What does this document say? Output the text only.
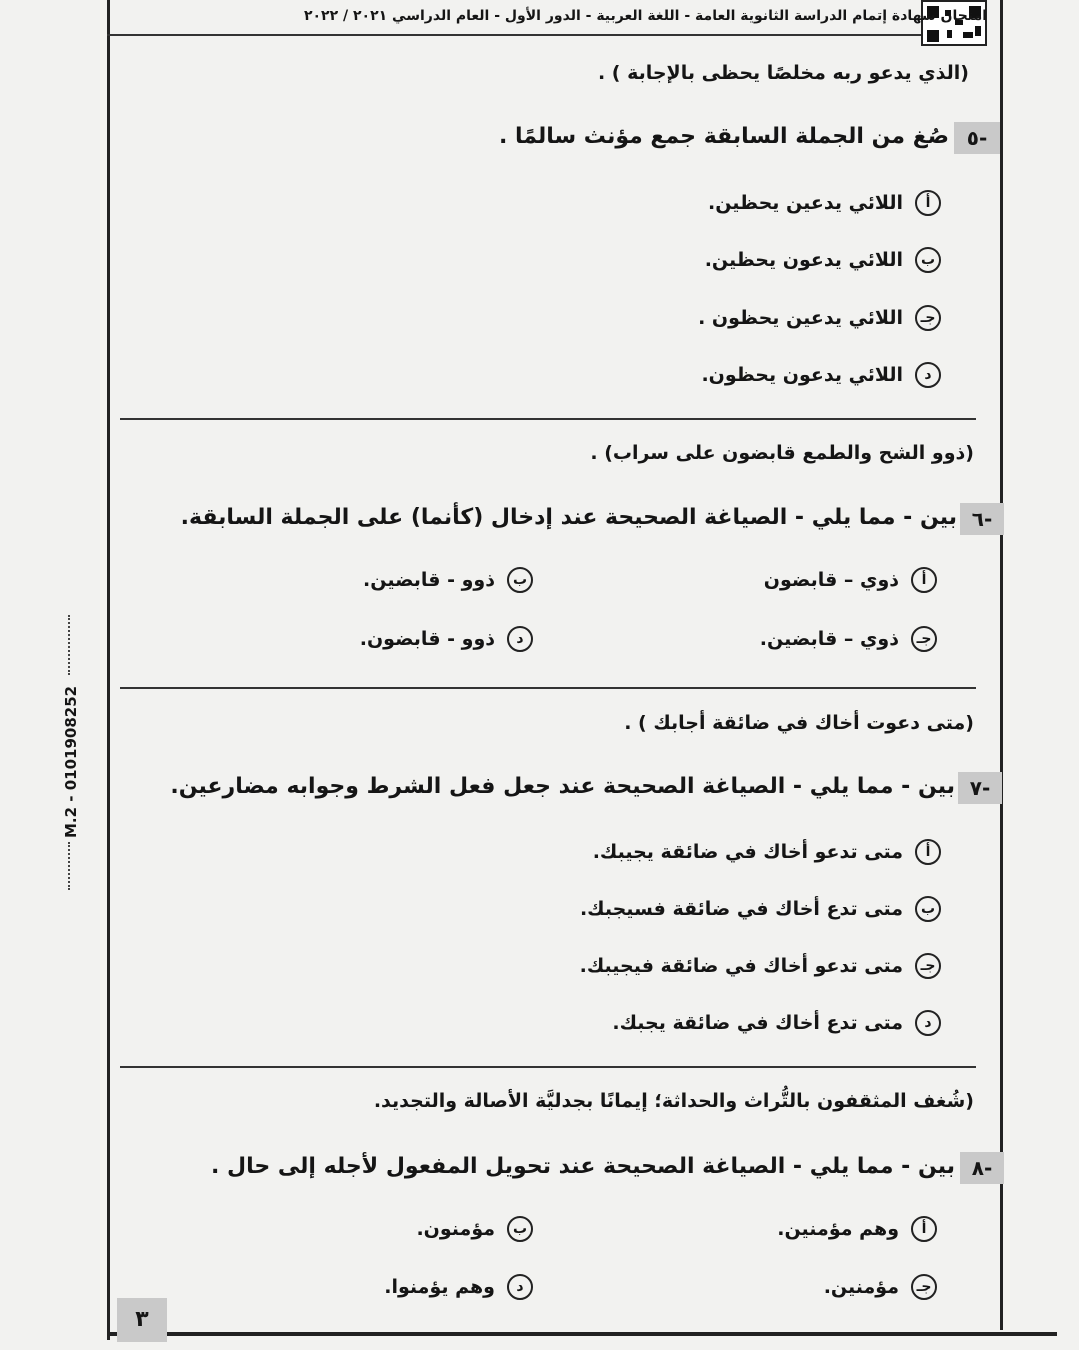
امتحان شهادة إتمام الدراسة الثانوية العامة - اللغة العربية - الدور الأول - العام الدراسي ٢٠٢١ / ٢٠٢٢
M.2 - 0101908252
(الذي يدعو ربه مخلصًا يحظى بالإجابة ) .
-٥
صُغ من الجملة السابقة جمع مؤنث سالمًا .
أ
اللائي يدعين يحظين.
ب
اللائي يدعون يحظين.
جـ
اللائي يدعين يحظون .
د
اللائي يدعون يحظون.
(ذوو الشح والطمع قابضون على سراب) .
-٦
بين - مما يلي - الصياغة الصحيحة عند إدخال (كأنما) على الجملة السابقة.
أ
ذوي – قابضون
ب
ذوو - قابضين.
جـ
ذوي – قابضين.
د
ذوو - قابضون.
(متى دعوت أخاك في ضائقة أجابك ) .
-٧
بين - مما يلي - الصياغة الصحيحة عند جعل فعل الشرط وجوابه مضارعين.
أ
متى تدعو أخاك في ضائقة يجيبك.
ب
متى تدع أخاك في ضائقة فسيجبك.
جـ
متى تدعو أخاك في ضائقة فيجيبك.
د
متى تدع أخاك في ضائقة يجبك.
(شُغف المثقفون بالتُّراث والحداثة؛ إيمانًا بجدليَّة الأصالة والتجديد.
-٨
بين - مما يلي - الصياغة الصحيحة عند تحويل المفعول لأجله إلى حال .
أ
وهم مؤمنين.
ب
مؤمنون.
جـ
مؤمنين.
د
وهم يؤمنوا.
٣
